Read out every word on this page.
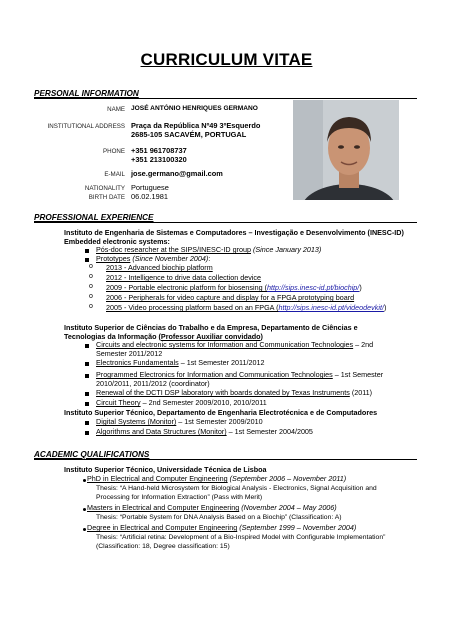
CURRICULUM VITAE
PERSONAL INFORMATION
NAME JOSÉ ANTÓNIO HENRIQUES GERMANO
INSTITUTIONAL ADDRESS Praça da República Nº49 3ºEsquerdo
2685-105 SACAVÉM, PORTUGAL
PHONE +351 961708737
+351 213100320
E-MAIL jose.germano@gmail.com
NATIONALITY Portuguese
BIRTH DATE 06.02.1981
PROFESSIONAL EXPERIENCE
Instituto de Engenharia de Sistemas e Computadores – Investigação e Desenvolvimento (INESC-ID)
Embedded electronic systems:
Pós-doc researcher at the SIPS/INESC-ID group (Since January 2013)
Prototypes (Since November 2004):
o 2013 - Advanced biochip platform
o 2012 - Intelligence to drive data collection device
o 2009 - Portable electronic platform for biosensing (http://sips.inesc-id.pt/biochip/)
o 2006 - Peripherals for video capture and display for a FPGA prototyping board
o 2005 - Video processing platform based on an FPGA (http://sips.inesc-id.pt/videodevkit/)
Instituto Superior de Ciências do Trabalho e da Empresa, Departamento de Ciências e
Tecnologias da Informação (Professor Auxiliar convidado)
Circuits and electronic systems for Information and Communication Technologies – 2nd
Semester 2011/2012
Electronics Fundamentals – 1st Semester 2011/2012
Programmed Electronics for Information and Communication Technologies – 1st Semester
2010/2011, 2011/2012 (coordinator)
Renewal of the DCTI DSP laboratory with boards donated by Texas Instruments (2011)
Circuit Theory – 2nd Semester 2009/2010, 2010/2011
Instituto Superior Técnico, Departamento de Engenharia Electrotécnica e de Computadores
Digital Systems (Monitor) – 1st Semester 2009/2010
Algorithms and Data Structures (Monitor) – 1st Semester 2004/2005
ACADEMIC QUALIFICATIONS
Instituto Superior Técnico, Universidade Técnica de Lisboa
PhD in Electrical and Computer Engineering (September 2006 – November 2011)
Thesis: “A Hand-held Microsystem for Biological Analysis - Electronics, Signal Acquisition and
Processing for Information Extraction” (Pass with Merit)
Masters in Electrical and Computer Engineering (November 2004 – May 2006)
Thesis: “Portable System for DNA Analysis Based on a Biochip” (Classification: A)
Degree in Electrical and Computer Engineering (September 1999 – November 2004)
Thesis: “Artificial retina: Development of a Bio-Inspired Model with Configurable Implementation”
(Classification: 18, Degree classification: 15)
